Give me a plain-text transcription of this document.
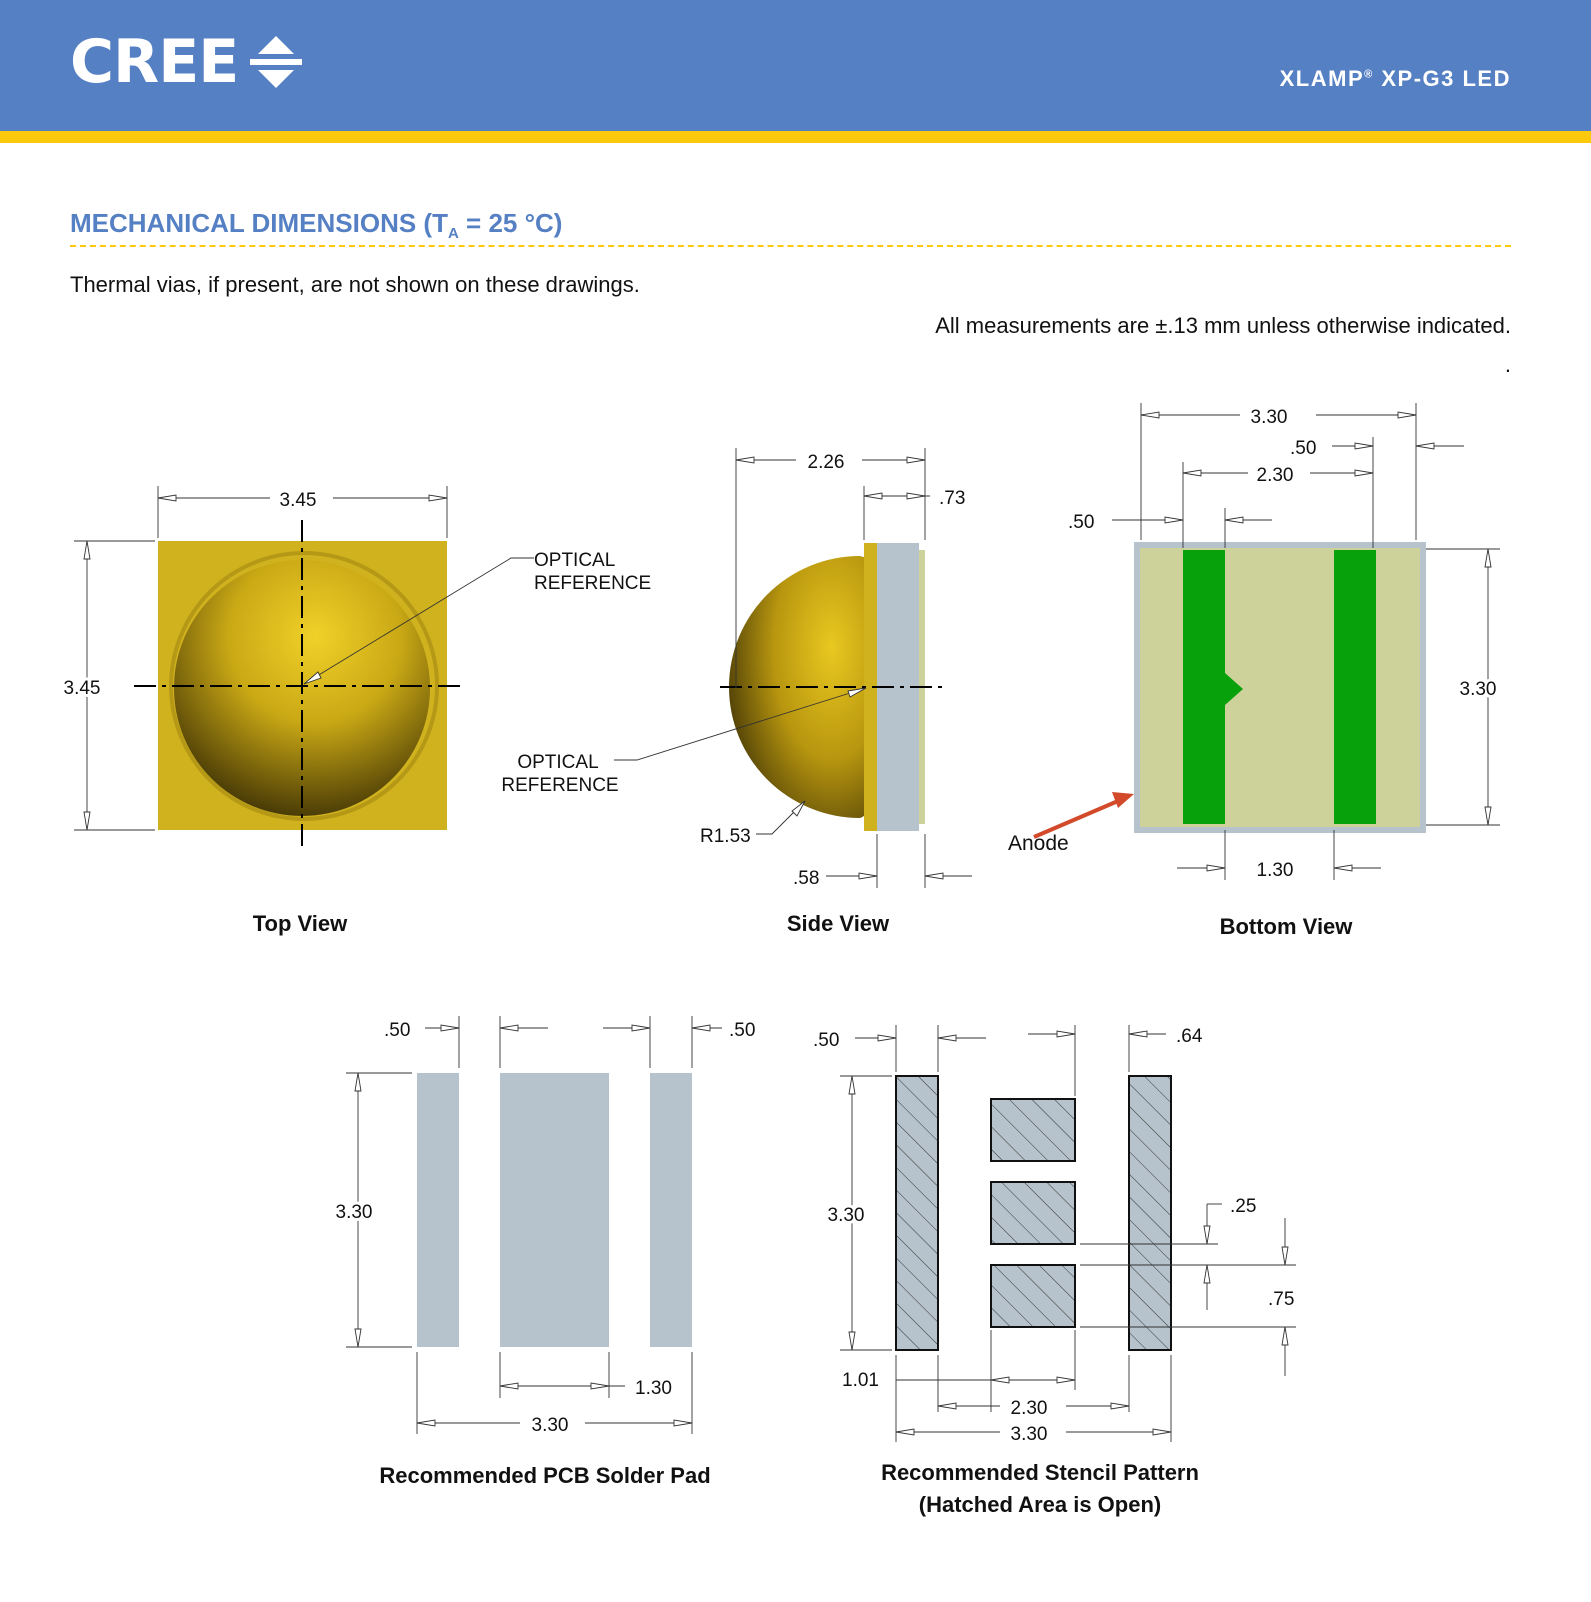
CREE	XLAMP® XP-G3 LED
MECHANICAL DIMENSIONS ($T_A = 25$ °C)
Thermal vias, if present, are not shown on these drawings.
All measurements are ±.13 mm unless otherwise indicated.
.
3.45
3.45
OPTICAL
REFERENCE
Top View
2.26
.73
.58
R1.53
OPTICAL
REFERENCE
Side View
3.30
.50
2.30
.50
3.30
1.30
Anode
Bottom View
.50	.50
3.30
1.30
3.30
Recommended PCB Solder Pad
.50	.64
3.30	.25
.75
1.01
2.30
3.30
Recommended Stencil Pattern
(Hatched Area is Open)
